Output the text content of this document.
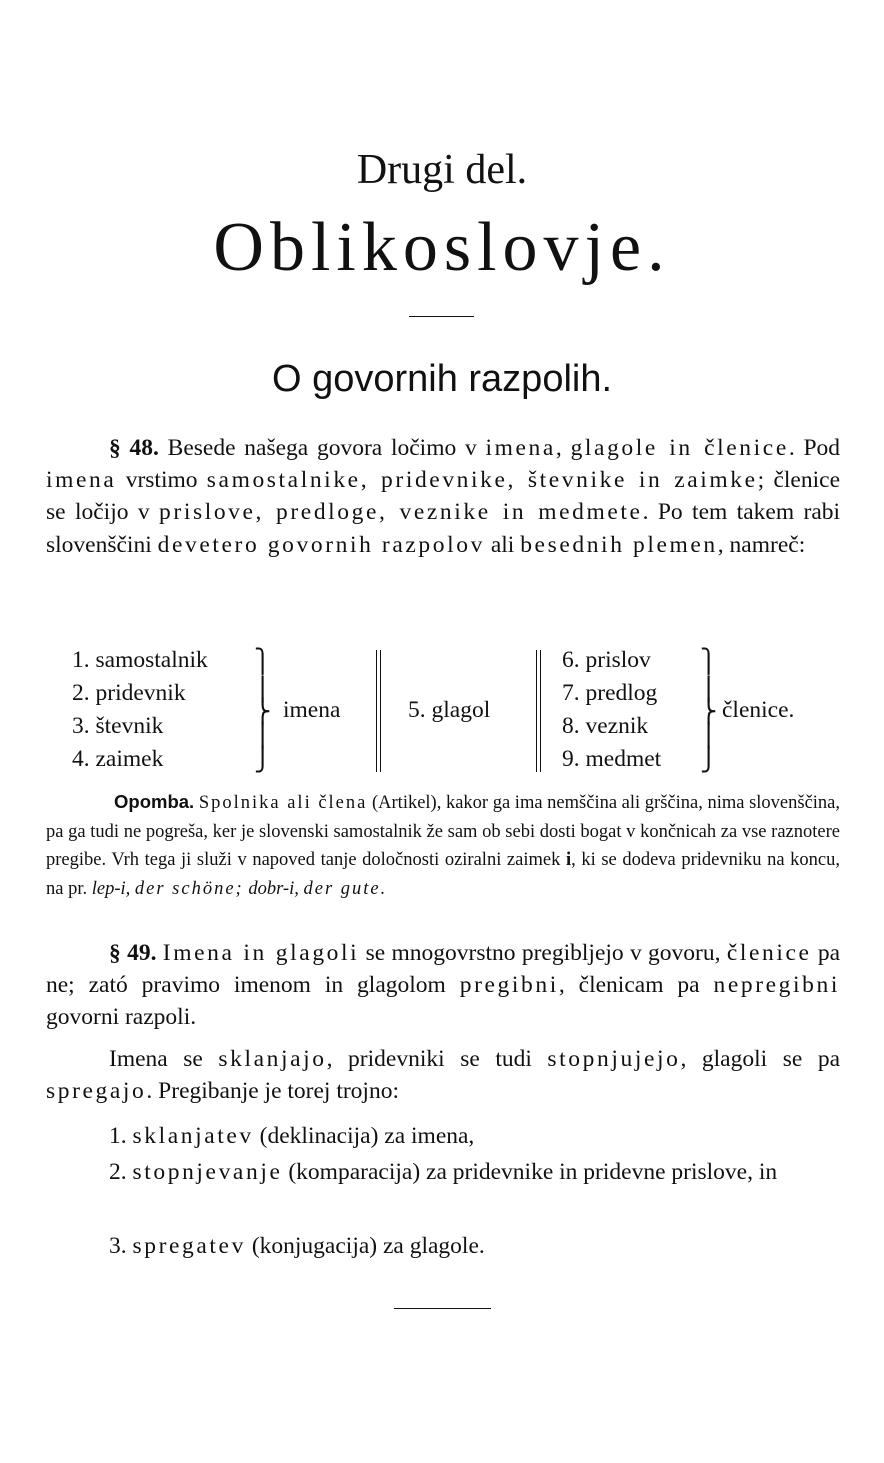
Drugi del.
Oblikoslovje.
O govornih razpolih.

§ 48. Besede našega govora ločimo v imena, glagole in členice. Pod imena vrstimo samostalnike, pridevnike, števnike in zaimke; členice se ločijo v prislove, predloge, veznike in medmete. Po tem takem rabi slovenščini devetero govornih razpolov ali besednih plemen, namreč:

1. samostalnik
2. pridevnik
3. števnik
4. zaimek
⎫
⎪
⎬
⎪
⎭
imena	5. glagol
6. prislov
7. predlog
8. veznik
9. medmet
⎫
⎪
⎬
⎪
⎭
členice.

Opomba. Spolnika ali člena (Artikel), kakor ga ima nemščina ali grščina, nima slovenščina, pa ga tudi ne pogreša, ker je slovenski samostalnik že sam ob sebi dosti bogat v končnicah za vse raznotere pregibe. Vrh tega ji služi v napoved tanje določnosti oziralni zaimek i, ki se dodeva pridevniku na koncu, na pr. lep-i, der schöne; dobr-i, der gute.

§ 49. Imena in glagoli se mnogovrstno pregibljejo v govoru, členice pa ne; zató pravimo imenom in glagolom pregibni, členicam pa nepregibni govorni razpoli.

Imena se sklanjajo, pridevniki se tudi stopnjujejo, glagoli se pa spregajo. Pregibanje je torej trojno:

1. sklanjatev (deklinacija) za imena,

2. stopnjevanje (komparacija) za pridevnike in pridevne prislove, in

3. spregatev (konjugacija) za glagole.
